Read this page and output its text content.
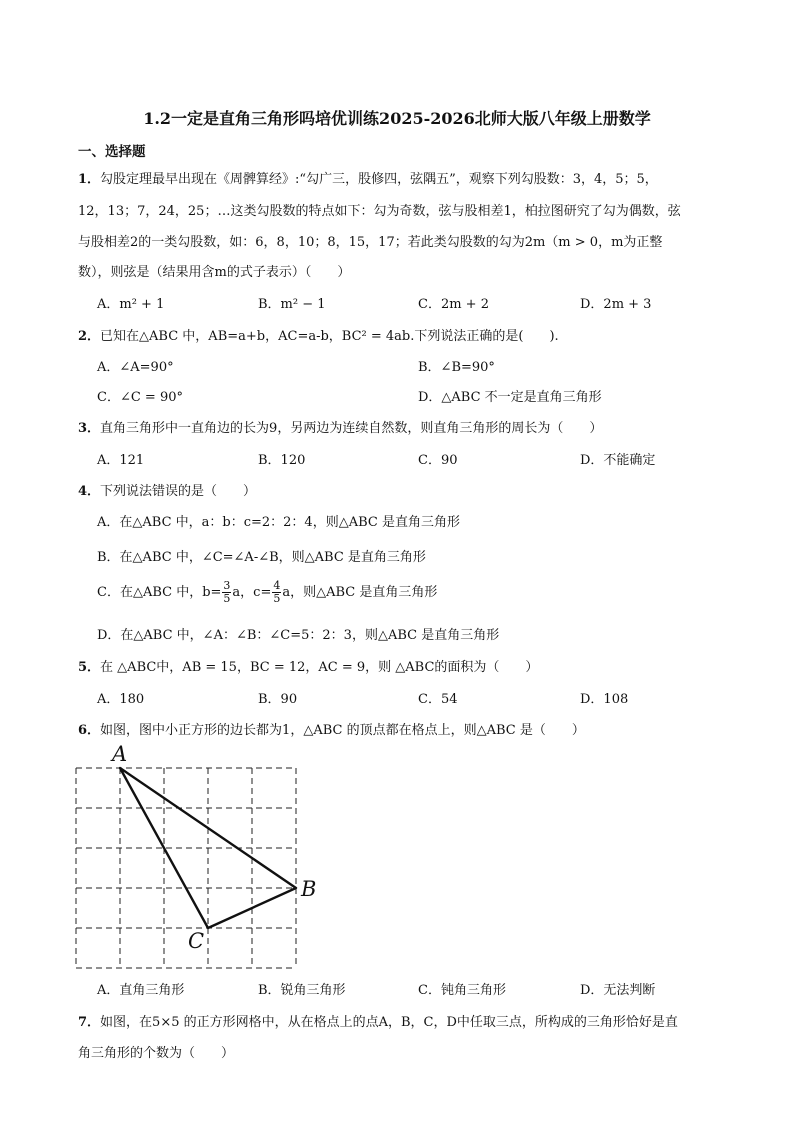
1.2一定是直角三角形吗培优训练2025-2026北师大版八年级上册数学
一、选择题
1．勾股定理最早出现在《周髀算经》:“勾广三，股修四，弦隅五”，观察下列勾股数：3，4，5；5，
12，13；7，24，25；…这类勾股数的特点如下：勾为奇数，弦与股相差1，柏拉图研究了勾为偶数，弦
与股相差2的一类勾股数，如：6，8，10；8，15，17；若此类勾股数的勾为2m（m > 0，m为正整
数），则弦是（结果用含m的式子表示）（　　）
A．m² + 1	B．m² − 1	C．2m + 2	D．2m + 3
2．已知在△ABC 中，AB=a+b，AC=a-b，BC² = 4ab.下列说法正确的是(　　).
A．∠A=90°	B．∠B=90°
C．∠C = 90°	D．△ABC 不一定是直角三角形
3．直角三角形中一直角边的长为9，另两边为连续自然数，则直角三角形的周长为（　　）
A．121	B．120	C．90	D．不能确定
4．下列说法错误的是（　　）
A．在△ABC 中，a：b：c=2：2：4，则△ABC 是直角三角形
B．在△ABC 中，∠C=∠A-∠B，则△ABC 是直角三角形
C．在△ABC 中，$b= \frac{3}{5}$ a，$c= \frac{4}{5}$ a，则△ABC 是直角三角形
D．在△ABC 中，∠A：∠B：∠C=5：2：3，则△ABC 是直角三角形
5．在 △ABC中，AB = 15，BC = 12，AC = 9，则 △ABC的面积为（　　）
A．180	B．90	C．54	D．108
6．如图，图中小正方形的边长都为1，△ABC 的顶点都在格点上，则△ABC 是（　　）
A
B
C
A．直角三角形	B．锐角三角形	C．钝角三角形	D．无法判断
7．如图，在5×5 的正方形网格中，从在格点上的点A，B，C，D中任取三点，所构成的三角形恰好是直
角三角形的个数为（　　）
